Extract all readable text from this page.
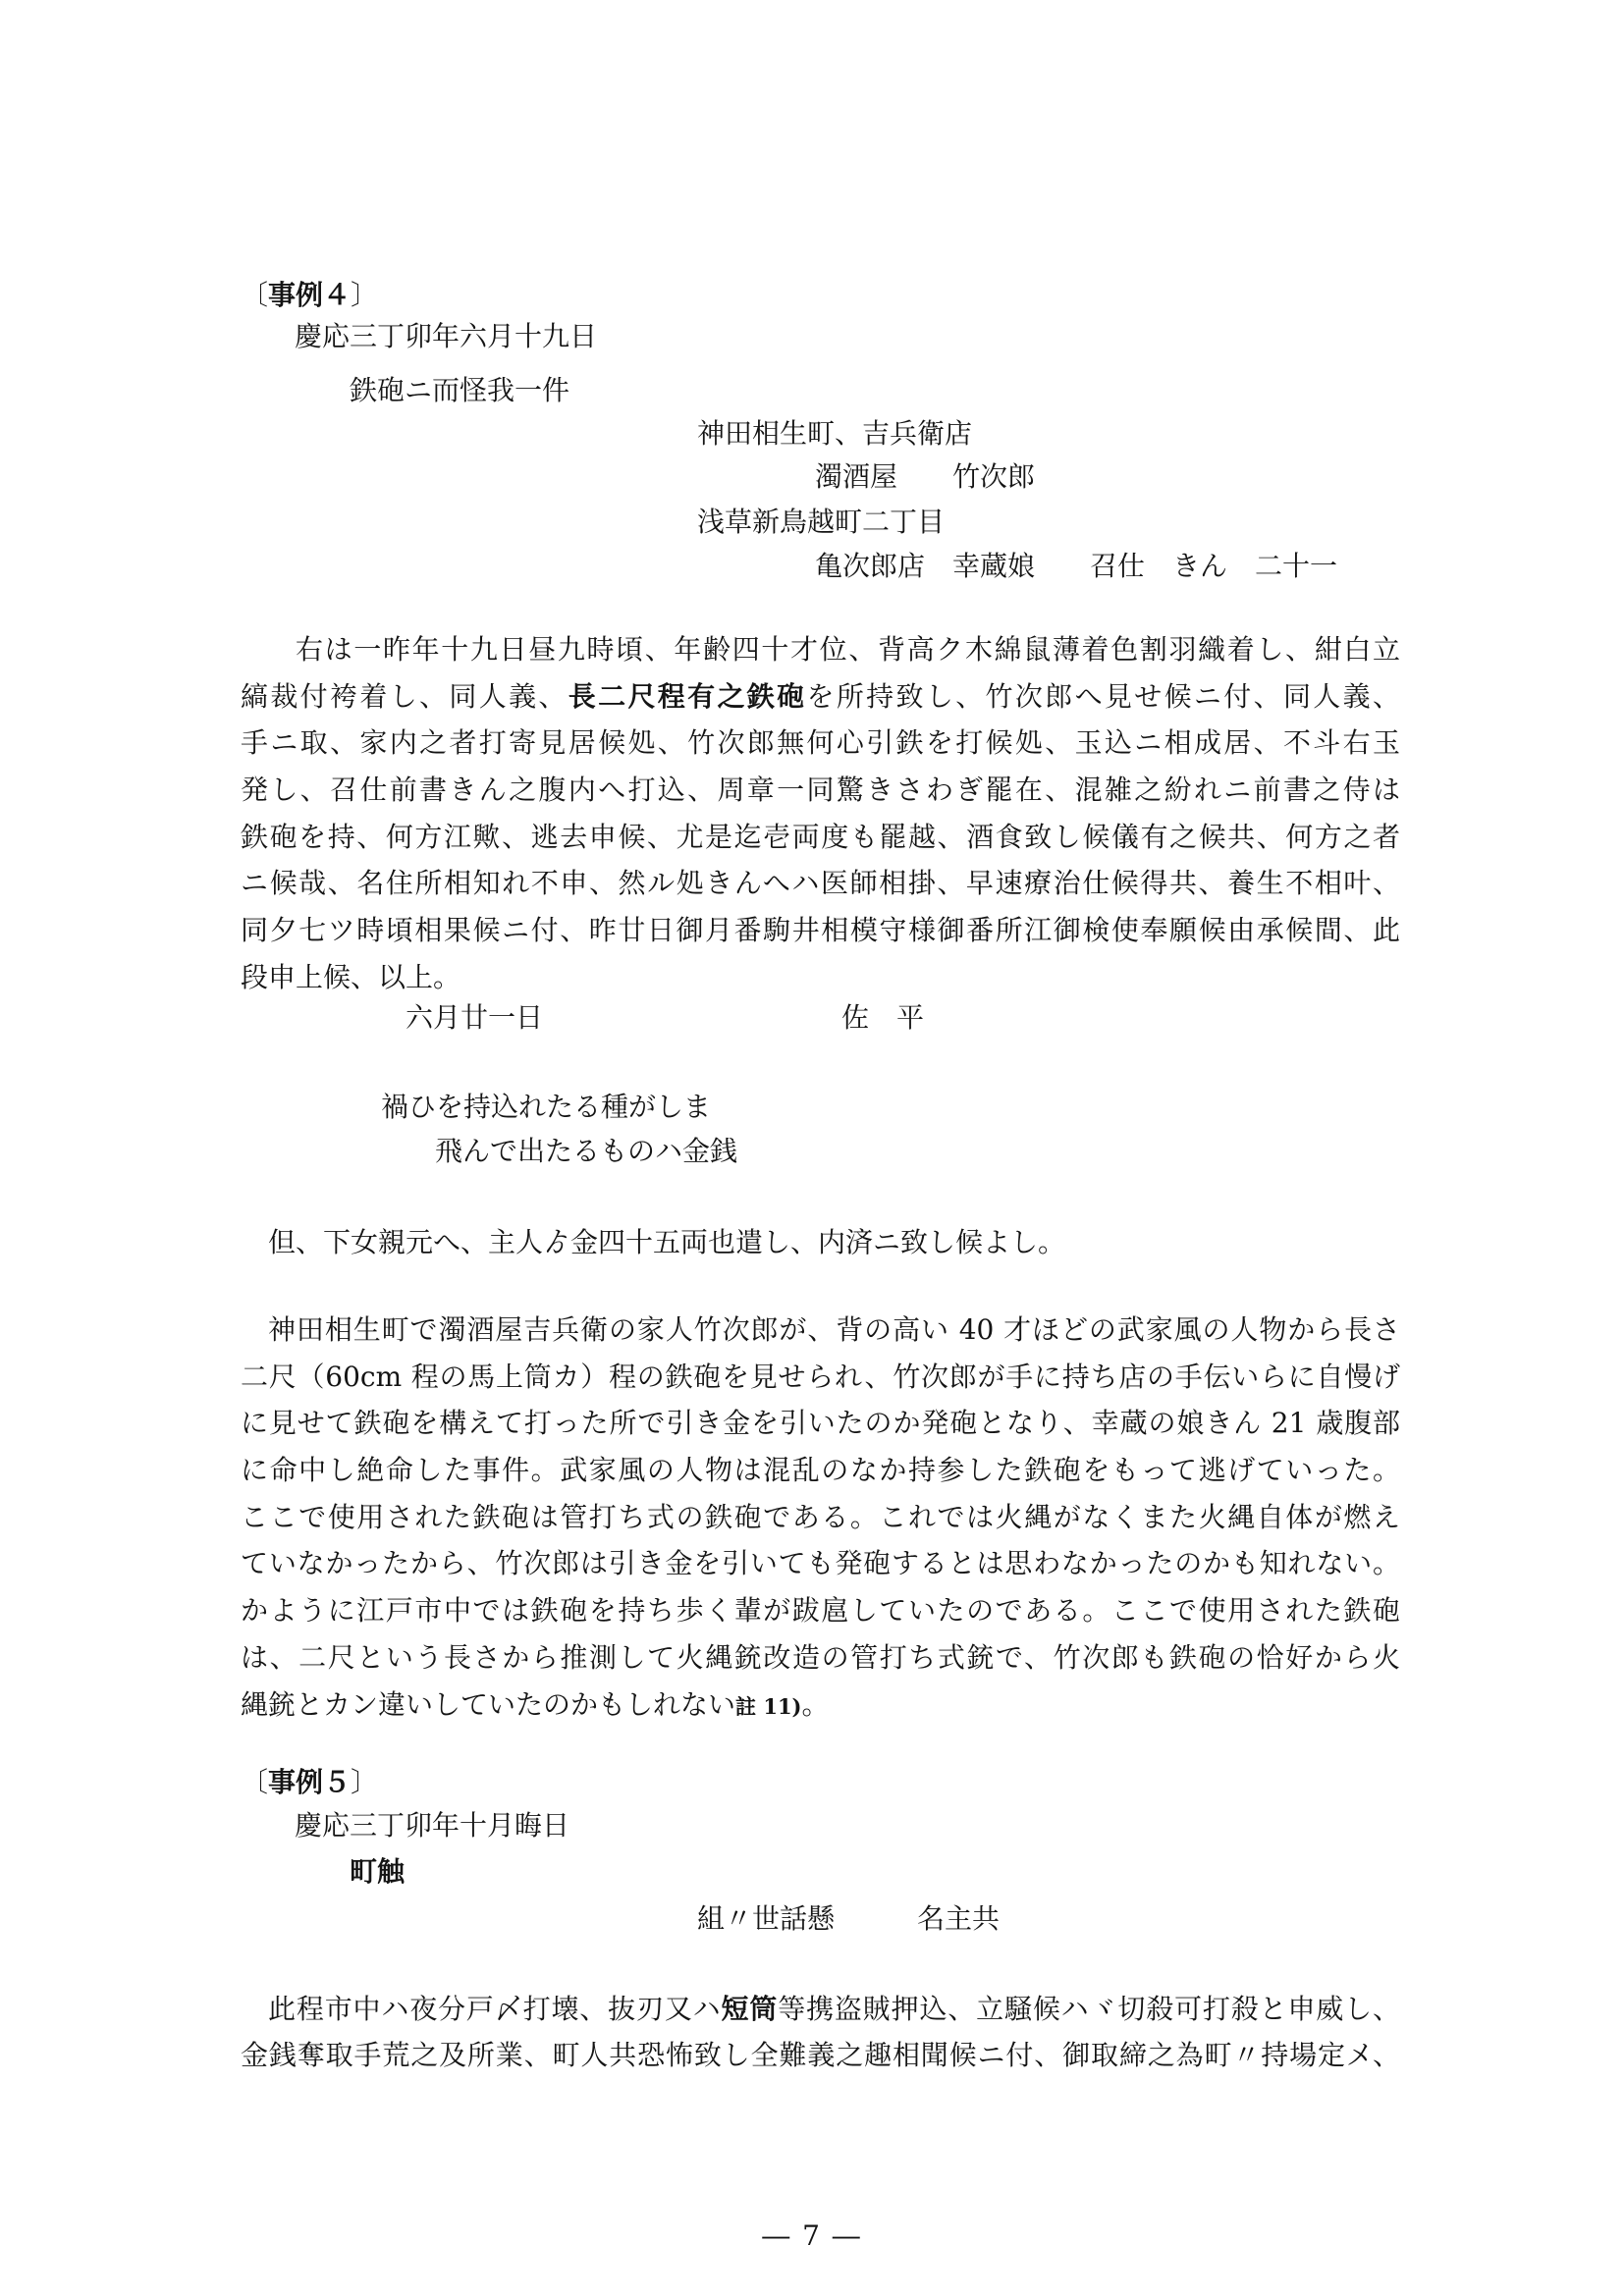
〔事例４〕
慶応三丁卯年六月十九日
鉄砲ニ而怪我一件
神田相生町、吉兵衛店
濁酒屋　　竹次郎
浅草新鳥越町二丁目
亀次郎店　幸蔵娘　　召仕　きん　二十一
右は一昨年十九日昼九時頃、年齢四十才位、背高ク木綿鼠薄着色割羽織着し、紺白立
縞裁付袴着し、同人義、長二尺程有之鉄砲を所持致し、竹次郎へ見せ候ニ付、同人義、
手ニ取、家内之者打寄見居候処、竹次郎無何心引鉄を打候処、玉込ニ相成居、不斗右玉
発し、召仕前書きん之腹内へ打込、周章一同驚きさわぎ罷在、混雑之紛れニ前書之侍は
鉄砲を持、何方江歟、逃去申候、尤是迄壱両度も罷越、酒食致し候儀有之候共、何方之者
ニ候哉、名住所相知れ不申、然ル処きんへハ医師相掛、早速療治仕候得共、養生不相叶、
同夕七ツ時頃相果候ニ付、昨廿日御月番駒井相模守様御番所江御検使奉願候由承候間、此
段申上候、以上。
六月廿一日	佐　平
禍ひを持込れたる種がしま
飛んで出たるものハ金銭
但、下女親元へ、主人ゟ金四十五両也遣し、内済ニ致し候よし。
神田相生町で濁酒屋吉兵衛の家人竹次郎が、背の高い 40 才ほどの武家風の人物から長さ
二尺（60cm 程の馬上筒カ）程の鉄砲を見せられ、竹次郎が手に持ち店の手伝いらに自慢げ
に見せて鉄砲を構えて打った所で引き金を引いたのか発砲となり、幸蔵の娘きん 21 歳腹部
に命中し絶命した事件。武家風の人物は混乱のなか持参した鉄砲をもって逃げていった。
ここで使用された鉄砲は管打ち式の鉄砲である。これでは火縄がなくまた火縄自体が燃え
ていなかったから、竹次郎は引き金を引いても発砲するとは思わなかったのかも知れない。
かように江戸市中では鉄砲を持ち歩く輩が跋扈していたのである。ここで使用された鉄砲
は、二尺という長さから推測して火縄銃改造の管打ち式銃で、竹次郎も鉄砲の恰好から火
縄銃とカン違いしていたのかもしれない註 11)。
〔事例５〕
慶応三丁卯年十月晦日
町触
組〃世話懸　　　名主共
此程市中ハ夜分戸〆打壊、抜刃又ハ短筒等携盗賊押込、立騒候ハヾ切殺可打殺と申威し、
金銭奪取手荒之及所業、町人共恐怖致し全難義之趣相聞候ニ付、御取締之為町〃持場定メ、
― 7 ―
